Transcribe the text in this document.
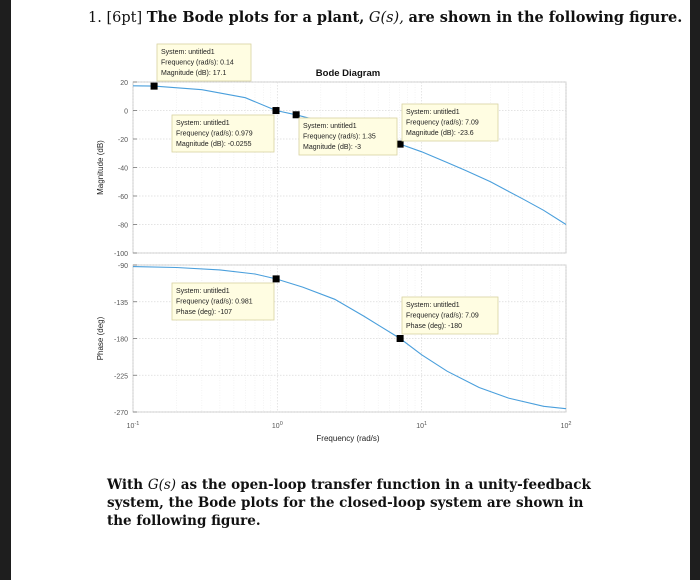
1. [6pt] The Bode plots for a plant, G(s), are shown in the following figure.
Bode Diagram
20
0
-20
-40
-60
-80
-100
Magnitude (dB)
-90
-135
-180
-225
-270
Phase (deg)
$10^{-1}$	$10^0$	$10^1$	$10^2$
Frequency (rad/s)
System: untitled1
Frequency (rad/s): 0.14
Magnitude (dB): 17.1
System: untitled1
Frequency (rad/s): 0.979
Magnitude (dB): -0.0255
System: untitled1
Frequency (rad/s): 1.35
Magnitude (dB): -3
System: untitled1
Frequency (rad/s): 7.09
Magnitude (dB): -23.6
System: untitled1
Frequency (rad/s): 0.981
Phase (deg): -107
System: untitled1
Frequency (rad/s): 7.09
Phase (deg): -180
With G(s) as the open-loop transfer function in a unity-feedback system, the Bode plots for the closed-loop system are shown in the following figure.
